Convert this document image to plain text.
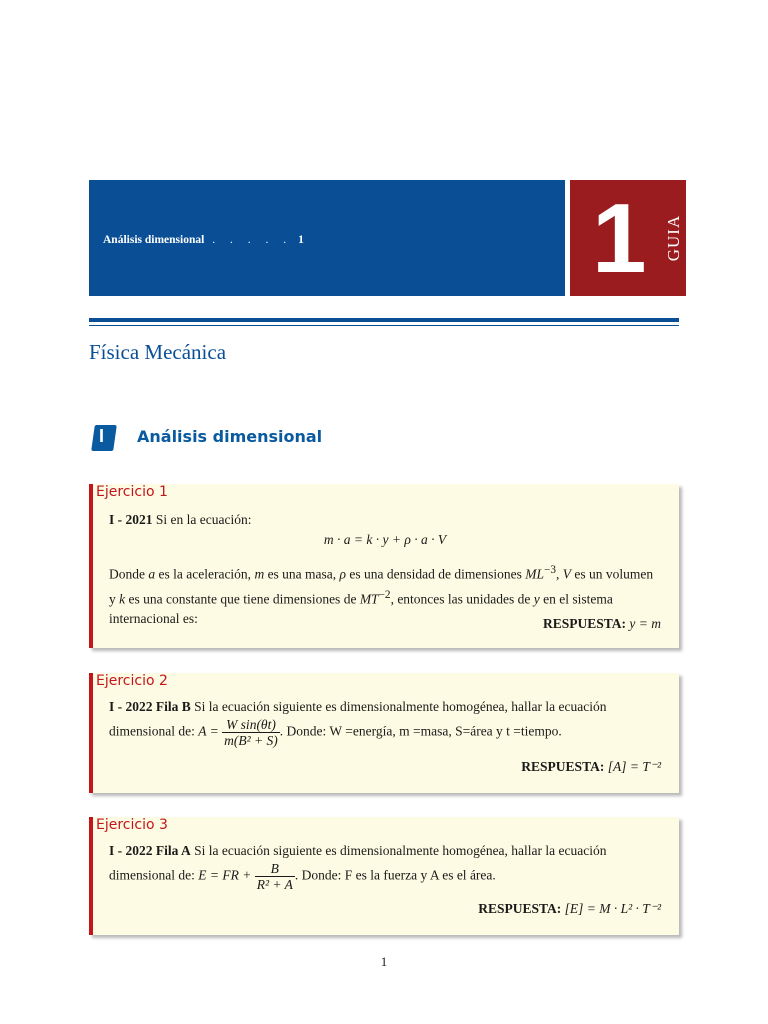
Análisis dimensional . . . . . 1	1 GUIA
Física Mecánica
I Análisis dimensional
Ejercicio 1
I - 2021 Si en la ecuación:
m · a = k · y + ρ · a · V
Donde a es la aceleración, m es una masa, ρ es una densidad de dimensiones $ML^{-3}$, V es un volumen y k es una constante que tiene dimensiones de $MT^{-2}$, entonces las unidades de y en el sistema internacional es:	RESPUESTA: y = m
Ejercicio 2
I - 2022 Fila B Si la ecuación siguiente es dimensionalmente homogénea, hallar la ecuación dimensional de: $A = \frac{\text{W sin(θt)}}{\text{m(B² + S)}}$ . Donde: W =energía, m =masa, S=área y t =tiempo.
RESPUESTA: [A] = T⁻²
Ejercicio 3
I - 2022 Fila A Si la ecuación siguiente es dimensionalmente homogénea, hallar la ecuación dimensional de: E = FR + $\frac{B}{\text{R² + A}}$ . Donde: F es la fuerza y A es el área.
RESPUESTA: [E] = M · L² · T⁻²
1
